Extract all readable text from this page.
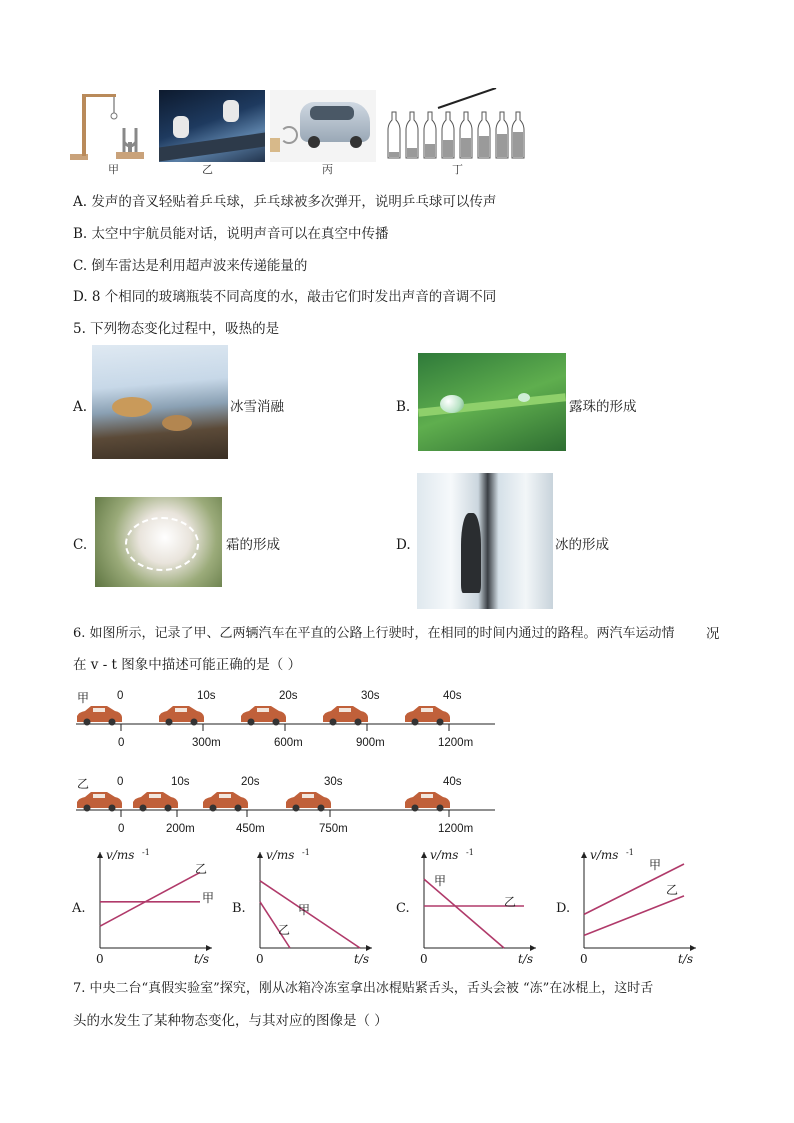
甲	乙	丙	丁
A. 发声的音叉轻贴着乒乓球，乒乓球被多次弹开，说明乒乓球可以传声
B. 太空中宇航员能对话，说明声音可以在真空中传播
C. 倒车雷达是利用超声波来传递能量的
D. 8 个相同的玻璃瓶装不同高度的水，敲击它们时发出声音的音调不同
5. 下列物态变化过程中，吸热的是
A.	冰雪消融	B.	露珠的形成
C.	霜的形成	D.	冰的形成
6. 如图所示，记录了甲、乙两辆汽车在平直的公路上行驶时，在相同的时间内通过的路程。两汽车运动情 况
在 v - t 图象中描述可能正确的是（ ）
甲 0	10s	20s	30s	40s
0	300m	600m	900m	1200m
乙 0	10s	20s	30s	40s
0	200m	450m	750m	1200m
A.
v/ms -1
0	t/s
甲
乙
B.
v/ms -1
0	t/s
甲
乙
C.
v/ms -1
0	t/s
甲
乙	D.
v/ms -1
0	t/s
甲
乙
7. 中央二台“真假实验室”探究，刚从冰箱冷冻室拿出冰棍贴紧舌头，舌头会被 “冻”在冰棍上，这时舌
头的水发生了某种物态变化，与其对应的图像是（ ）
